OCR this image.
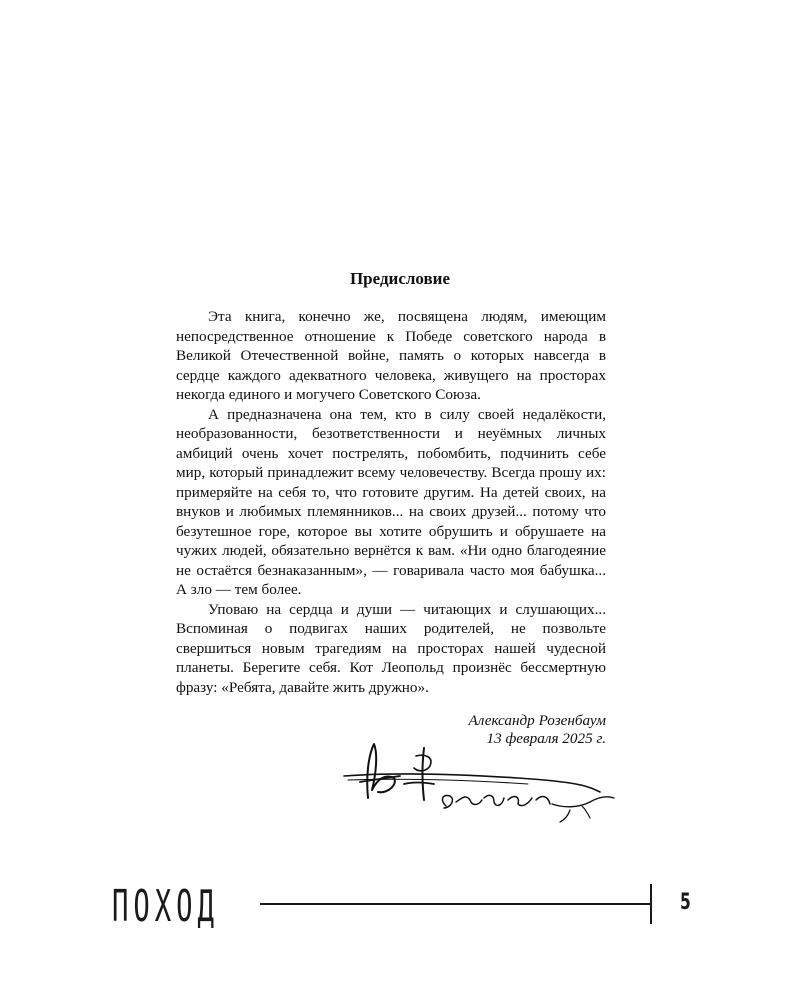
Предисловие

Эта книга, конечно же, посвящена людям, имеющим непосредственное отношение к Победе советского народа в Великой Отечественной войне, память о которых навсегда в сердце каждого адекватного человека, живущего на просторах некогда единого и могучего Советского Союза.

А предназначена она тем, кто в силу своей недалёкости, необразованности, безответственности и неуёмных личных амбиций очень хочет пострелять, побомбить, подчинить себе мир, который принадлежит всему человечеству. Всегда прошу их: примеряйте на себя то, что готовите другим. На детей своих, на внуков и любимых племянников... на своих друзей... потому что безутешное горе, которое вы хотите обрушить и обрушаете на чужих людей, обязательно вернётся к вам. «Ни одно благодеяние не остаётся безнаказанным», — говаривала часто моя бабушка... А зло — тем более.

Уповаю на сердца и души — читающих и слушающих... Вспоминая о подвигах наших родителей, не позвольте свершиться новым трагедиям на просторах нашей чудесной планеты. Берегите себя. Кот Леопольд произнёс бессмертную фразу: «Ребята, давайте жить дружно».

Александр Розенбаум
13 февраля 2025 г.
ПОХОД	5
